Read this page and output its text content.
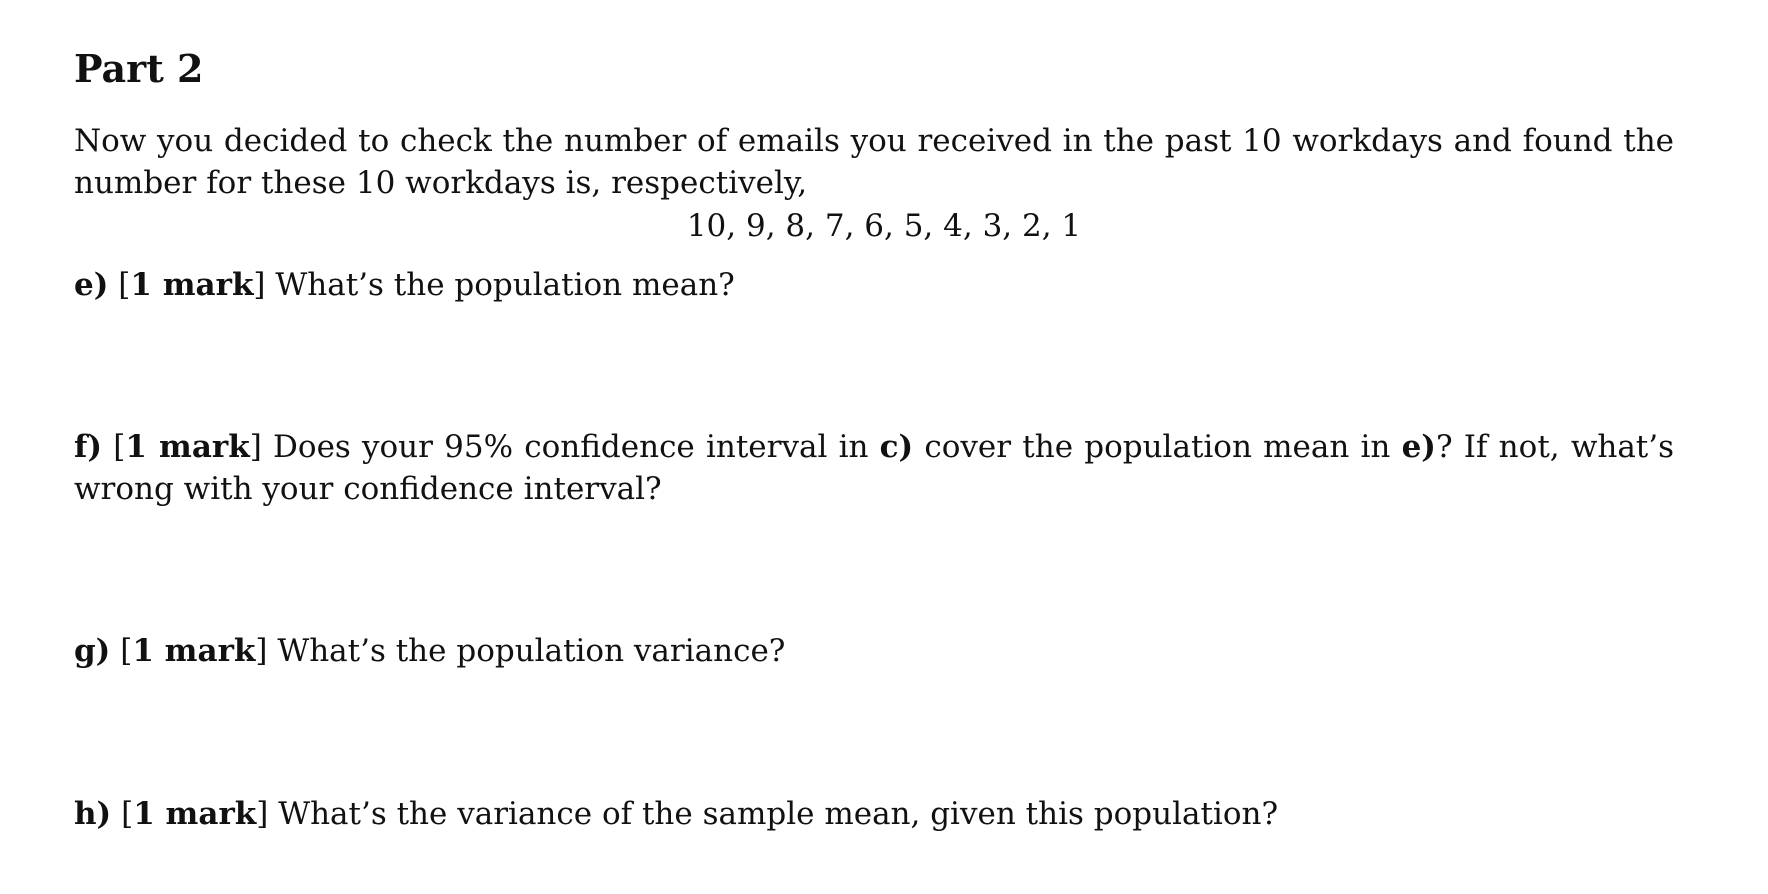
Part 2

Now you decided to check the number of emails you received in the past 10 workdays and found the number for these 10 workdays is, respectively,

10, 9, 8, 7, 6, 5, 4, 3, 2, 1

e) [1 mark] What’s the population mean?

f) [1 mark] Does your 95% confidence interval in c) cover the population mean in e)? If not, what’s wrong with your confidence interval?

g) [1 mark] What’s the population variance?

h) [1 mark] What’s the variance of the sample mean, given this population?
